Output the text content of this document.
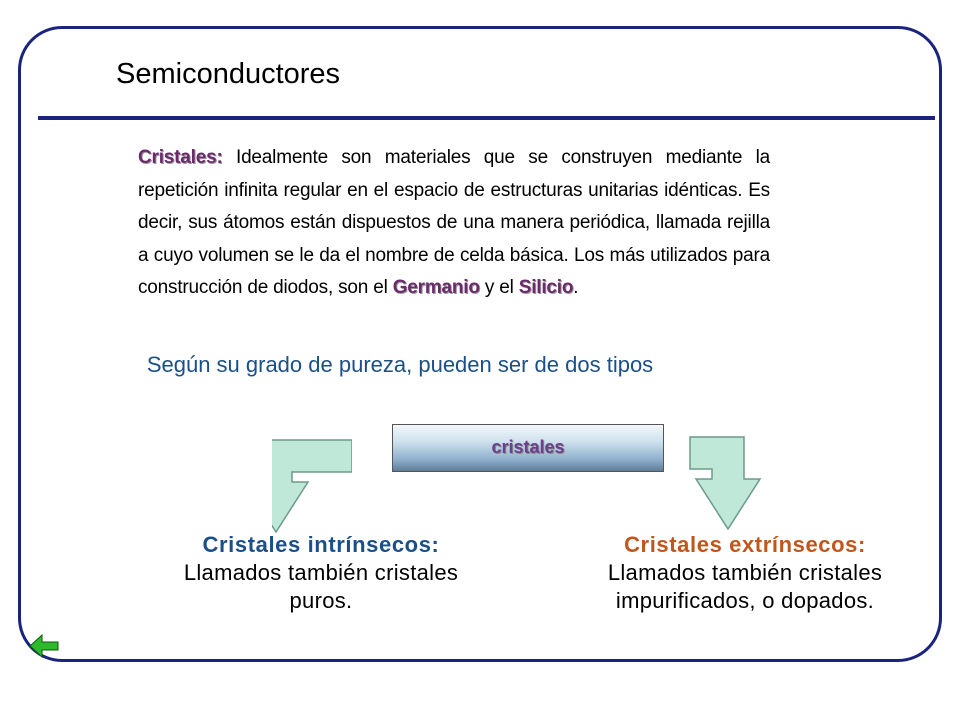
Semiconductores

Cristales: Idealmente son materiales que se construyen mediante la repetición infinita regular en el espacio de estructuras unitarias idénticas. Es decir, sus átomos están dispuestos de una manera periódica, llamada rejilla a cuyo volumen se le da el nombre de celda básica. Los más utilizados para construcción de diodos, son el Germanio y el Silicio.

Según su grado de pureza, pueden ser de dos tipos

cristales

Cristales intrínsecos:
Llamados también cristales puros.

Cristales extrínsecos:
Llamados también cristales impurificados, o dopados.
